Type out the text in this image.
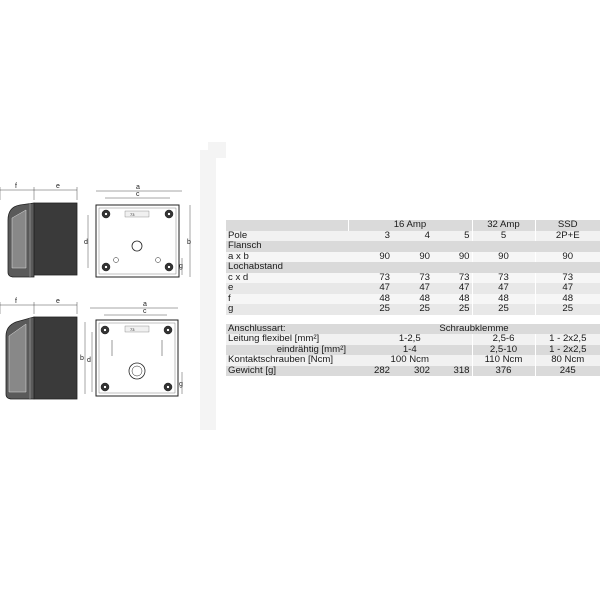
f	e	a
c
d	b
g
73
f	e	a
c
b d
g
73
	16 Amp			32 Amp	SSD
Pole	3	4	5	5	2P+E
Flansch					
a x b	90	90	90	90	90
Lochabstand					
c x d	73	73	73	73	73
e	47	47	47	47	47
f	48	48	48	48	48
g	25	25	25	25	25

Anschlussart:	Schraubklemme				
Leitung flexibel [mm²]	1-2,5			2,5-6	1 - 2x2,5
eindrähtig [mm²]	1-4			2,5-10	1 - 2x2,5
Kontaktschrauben [Ncm]	100 Ncm			110 Ncm	80 Ncm
Gewicht [g]	282	302	318	376	245
